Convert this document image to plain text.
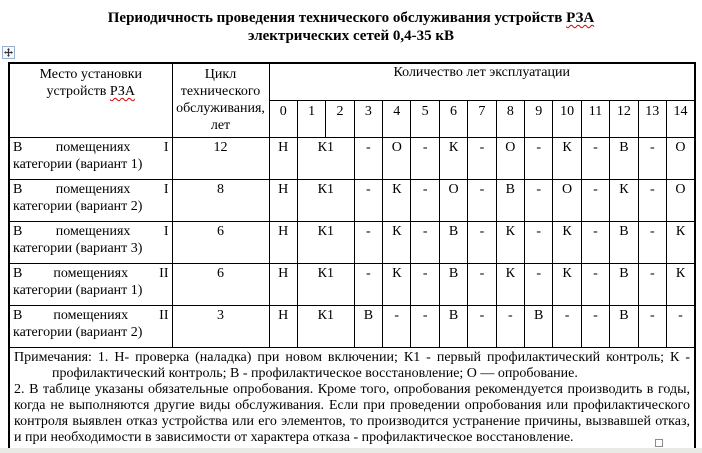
Периодичность проведения технического обслуживания устройств РЗА
электрических сетей 0,4-35 кВ
Место установки
устройств РЗА

Цикл
технического
обслуживания,
лет
	Количество лет эксплуатации
		0	1	2	3	4	5	6	7	8	9	10	11	12	13	14

В помещениях I
категории (вариант 1)	12	Н	К1		-	О	-	К	-	О	-	К	-	В	-	О

В помещениях I
категории (вариант 2)	8	Н	К1		-	К	-	О	-	В	-	О	-	К	-	О

В помещениях I
категории (вариант 3)	6	Н	К1		-	К	-	В	-	К	-	К	-	В	-	К

В помещениях II
категории (вариант 1)	6	Н	К1		-	К	-	В	-	К	-	К	-	В	-	К

В помещениях II
категории (вариант 2)	3	Н	К1		В	-	-	В	-	-	В	-	-	В	-	-

Примечания: 1. Н- проверка (наладка) при новом включении; К1 - первый профилактический контроль; К - профилактический контроль; В - профилактическое восстановление; О — опробование.

2. В таблице указаны обязательные опробования. Кроме того, опробования рекомендуется производить в годы, когда не выполняются другие виды обслуживания. Если при проведении опробования или профилактического контроля выявлен отказ устройства или его элементов, то производится устранение причины, вызвавшей отказ, и при необходимости в зависимости от характера отказа - профилактическое восстановление.																
